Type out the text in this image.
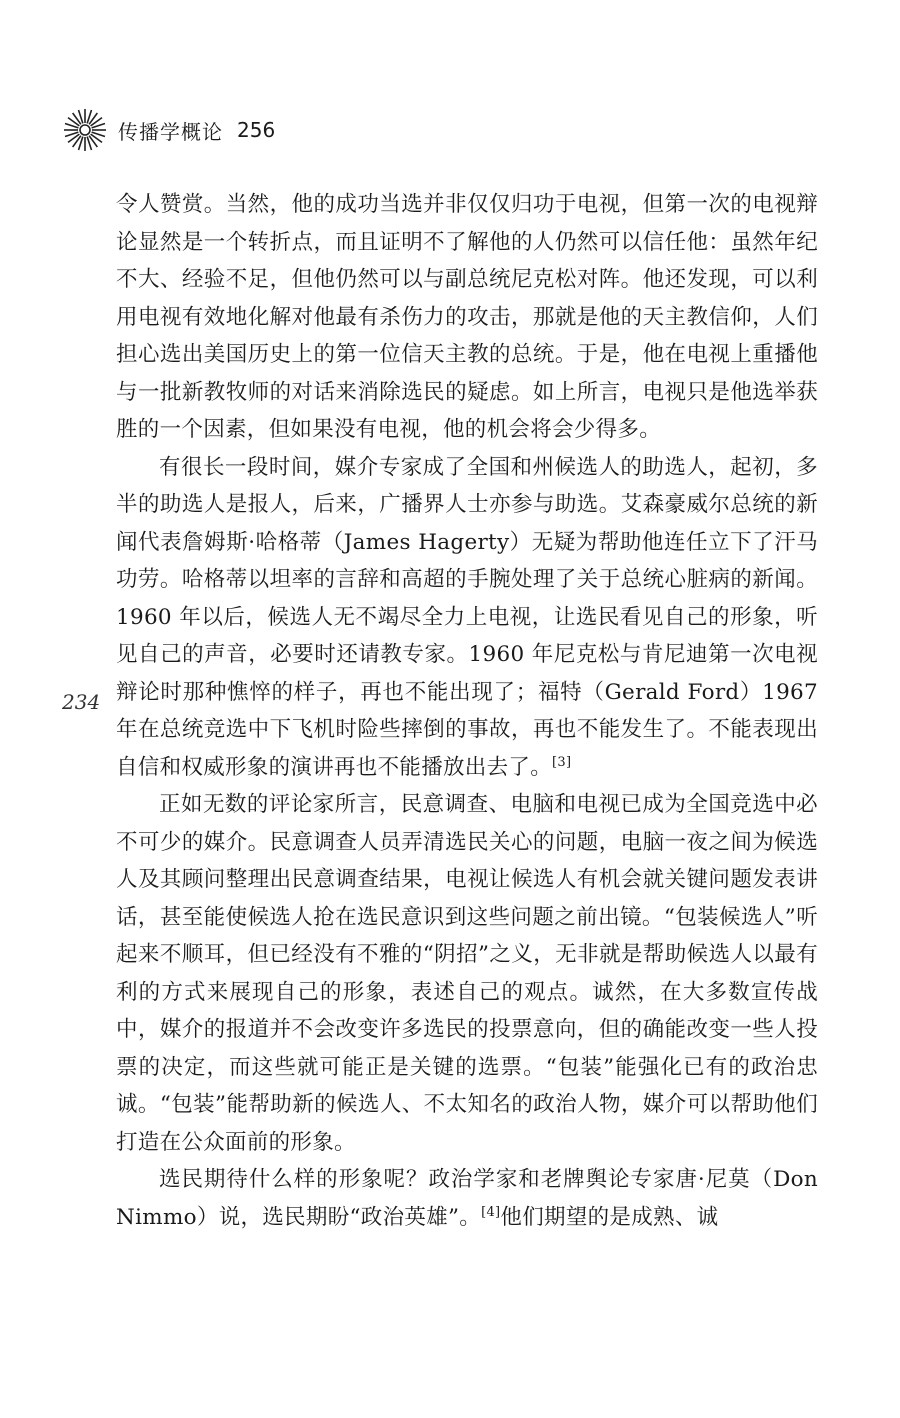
传播学概论 256
234

令人赞赏。当然，他的成功当选并非仅仅归功于电视，但第一次的电视辩论显然是一个转折点，而且证明不了解他的人仍然可以信任他：虽然年纪不大、经验不足，但他仍然可以与副总统尼克松对阵。他还发现，可以利用电视有效地化解对他最有杀伤力的攻击，那就是他的天主教信仰，人们担心选出美国历史上的第一位信天主教的总统。于是，他在电视上重播他与一批新教牧师的对话来消除选民的疑虑。如上所言，电视只是他选举获胜的一个因素，但如果没有电视，他的机会将会少得多。

有很长一段时间，媒介专家成了全国和州候选人的助选人，起初，多半的助选人是报人，后来，广播界人士亦参与助选。艾森豪威尔总统的新闻代表詹姆斯·哈格蒂（James Hagerty）无疑为帮助他连任立下了汗马功劳。哈格蒂以坦率的言辞和高超的手腕处理了关于总统心脏病的新闻。1960 年以后，候选人无不竭尽全力上电视，让选民看见自己的形象，听见自己的声音，必要时还请教专家。1960 年尼克松与肯尼迪第一次电视辩论时那种憔悴的样子，再也不能出现了；福特（Gerald Ford）1967 年在总统竞选中下飞机时险些摔倒的事故，再也不能发生了。不能表现出自信和权威形象的演讲再也不能播放出去了。[3]

正如无数的评论家所言，民意调查、电脑和电视已成为全国竞选中必不可少的媒介。民意调查人员弄清选民关心的问题，电脑一夜之间为候选人及其顾问整理出民意调查结果，电视让候选人有机会就关键问题发表讲话，甚至能使候选人抢在选民意识到这些问题之前出镜。“包装候选人”听起来不顺耳，但已经没有不雅的“阴招”之义，无非就是帮助候选人以最有利的方式来展现自己的形象，表述自己的观点。诚然，在大多数宣传战中，媒介的报道并不会改变许多选民的投票意向，但的确能改变一些人投票的决定，而这些就可能正是关键的选票。“包装”能强化已有的政治忠诚。“包装”能帮助新的候选人、不太知名的政治人物，媒介可以帮助他们打造在公众面前的形象。

选民期待什么样的形象呢？政治学家和老牌舆论专家唐·尼莫（Don Nimmo）说，选民期盼“政治英雄”。[4]他们期望的是成熟、诚
